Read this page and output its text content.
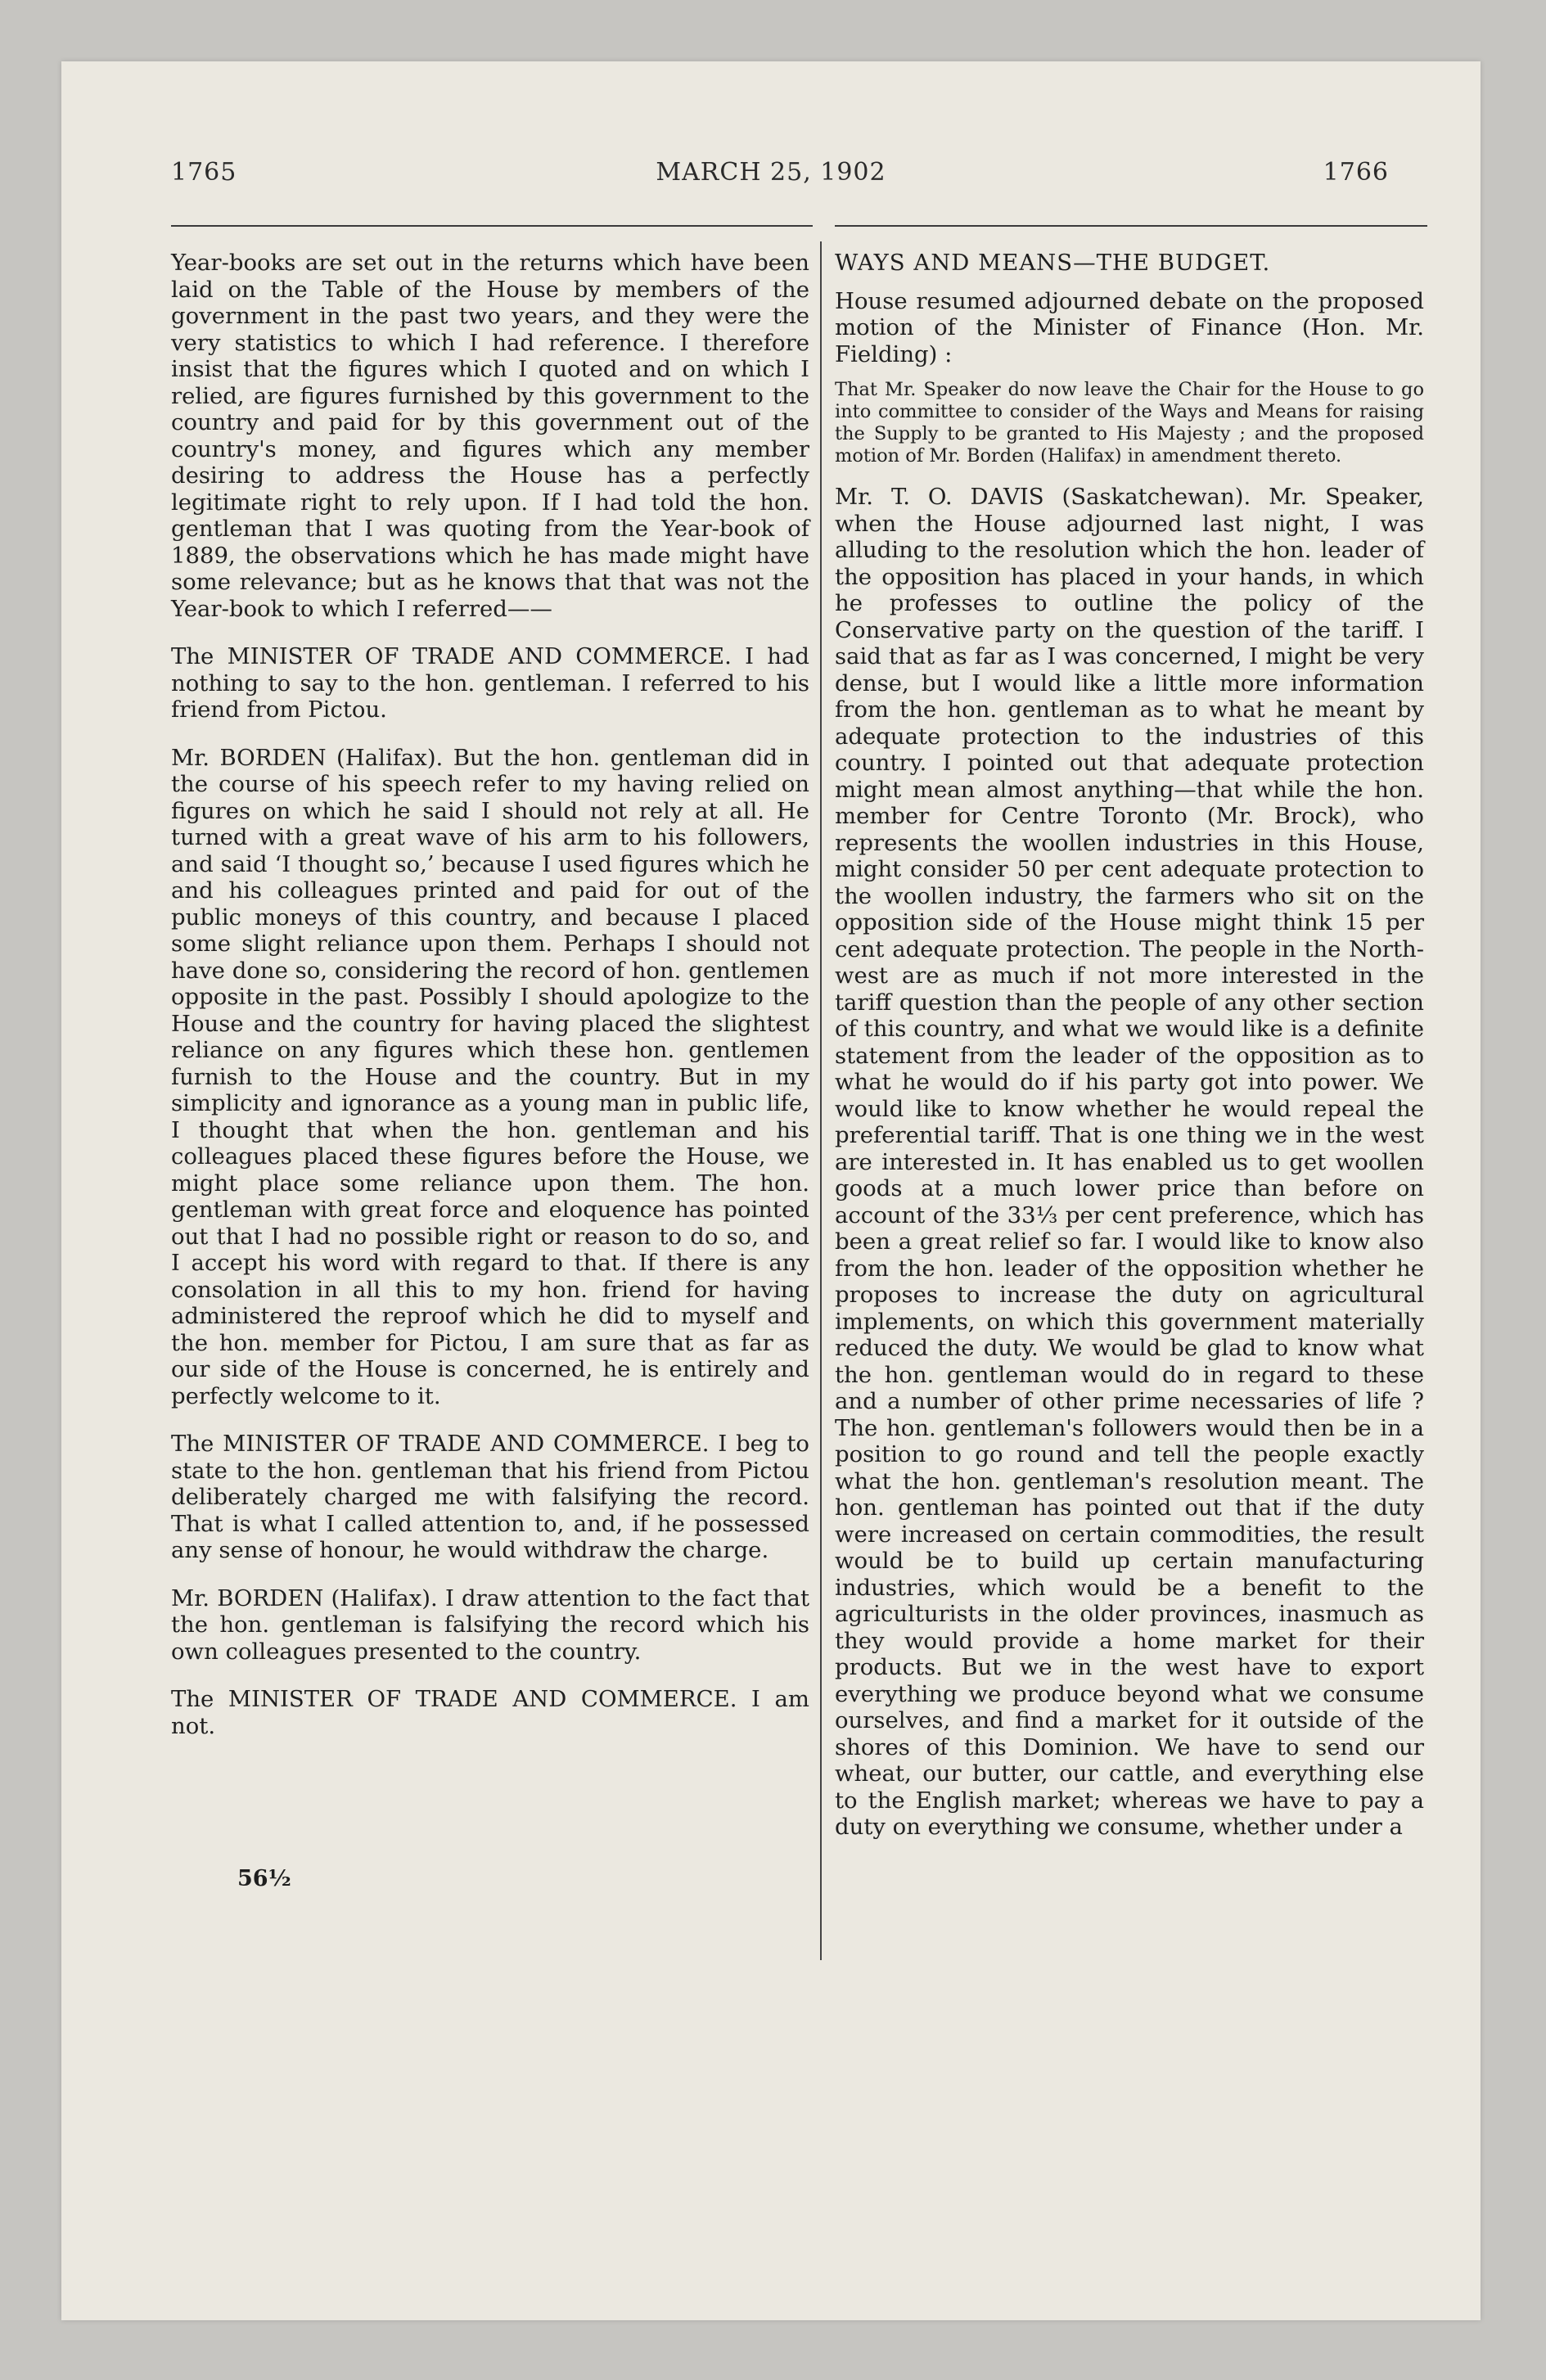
1765	MARCH 25, 1902	1766

Year-books are set out in the returns which have been laid on the Table of the House by members of the government in the past two years, and they were the very statistics to which I had reference. I therefore insist that the figures which I quoted and on which I relied, are figures furnished by this government to the country and paid for by this government out of the country's money, and figures which any member desiring to address the House has a perfectly legitimate right to rely upon. If I had told the hon. gentleman that I was quoting from the Year-book of 1889, the observations which he has made might have some relevance; but as he knows that that was not the Year-book to which I referred——

The MINISTER OF TRADE AND COMMERCE. I had nothing to say to the hon. gentleman. I referred to his friend from Pictou.

Mr. BORDEN (Halifax). But the hon. gentleman did in the course of his speech refer to my having relied on figures on which he said I should not rely at all. He turned with a great wave of his arm to his followers, and said ‘I thought so,’ because I used figures which he and his colleagues printed and paid for out of the public moneys of this country, and because I placed some slight reliance upon them. Perhaps I should not have done so, considering the record of hon. gentlemen opposite in the past. Possibly I should apologize to the House and the country for having placed the slightest reliance on any figures which these hon. gentlemen furnish to the House and the country. But in my simplicity and ignorance as a young man in public life, I thought that when the hon. gentleman and his colleagues placed these figures before the House, we might place some reliance upon them. The hon. gentleman with great force and eloquence has pointed out that I had no possible right or reason to do so, and I accept his word with regard to that. If there is any consolation in all this to my hon. friend for having administered the reproof which he did to myself and the hon. member for Pictou, I am sure that as far as our side of the House is concerned, he is entirely and perfectly welcome to it.

The MINISTER OF TRADE AND COMMERCE. I beg to state to the hon. gentleman that his friend from Pictou deliberately charged me with falsifying the record. That is what I called attention to, and, if he possessed any sense of honour, he would withdraw the charge.

Mr. BORDEN (Halifax). I draw attention to the fact that the hon. gentleman is falsifying the record which his own colleagues presented to the country.

The MINISTER OF TRADE AND COMMERCE. I am not.

WAYS AND MEANS—THE BUDGET.

House resumed adjourned debate on the proposed motion of the Minister of Finance (Hon. Mr. Fielding) :

That Mr. Speaker do now leave the Chair for the House to go into committee to consider of the Ways and Means for raising the Supply to be granted to His Majesty ; and the proposed motion of Mr. Borden (Halifax) in amendment thereto.

Mr. T. O. DAVIS (Saskatchewan). Mr. Speaker, when the House adjourned last night, I was alluding to the resolution which the hon. leader of the opposition has placed in your hands, in which he professes to outline the policy of the Conservative party on the question of the tariff. I said that as far as I was concerned, I might be very dense, but I would like a little more information from the hon. gentleman as to what he meant by adequate protection to the industries of this country. I pointed out that adequate protection might mean almost anything—that while the hon. member for Centre Toronto (Mr. Brock), who represents the woollen industries in this House, might consider 50 per cent adequate protection to the woollen industry, the farmers who sit on the opposition side of the House might think 15 per cent adequate protection. The people in the North-west are as much if not more interested in the tariff question than the people of any other section of this country, and what we would like is a definite statement from the leader of the opposition as to what he would do if his party got into power. We would like to know whether he would repeal the preferential tariff. That is one thing we in the west are interested in. It has enabled us to get woollen goods at a much lower price than before on account of the 33⅓ per cent preference, which has been a great relief so far. I would like to know also from the hon. leader of the opposition whether he proposes to increase the duty on agricultural implements, on which this government materially reduced the duty. We would be glad to know what the hon. gentleman would do in regard to these and a number of other prime necessaries of life ? The hon. gentleman's followers would then be in a position to go round and tell the people exactly what the hon. gentleman's resolution meant. The hon. gentleman has pointed out that if the duty were increased on certain commodities, the result would be to build up certain manufacturing industries, which would be a benefit to the agriculturists in the older provinces, inasmuch as they would provide a home market for their products. But we in the west have to export everything we produce beyond what we consume ourselves, and find a market for it outside of the shores of this Dominion. We have to send our wheat, our butter, our cattle, and everything else to the English market; whereas we have to pay a duty on everything we consume, whether under a

56½
